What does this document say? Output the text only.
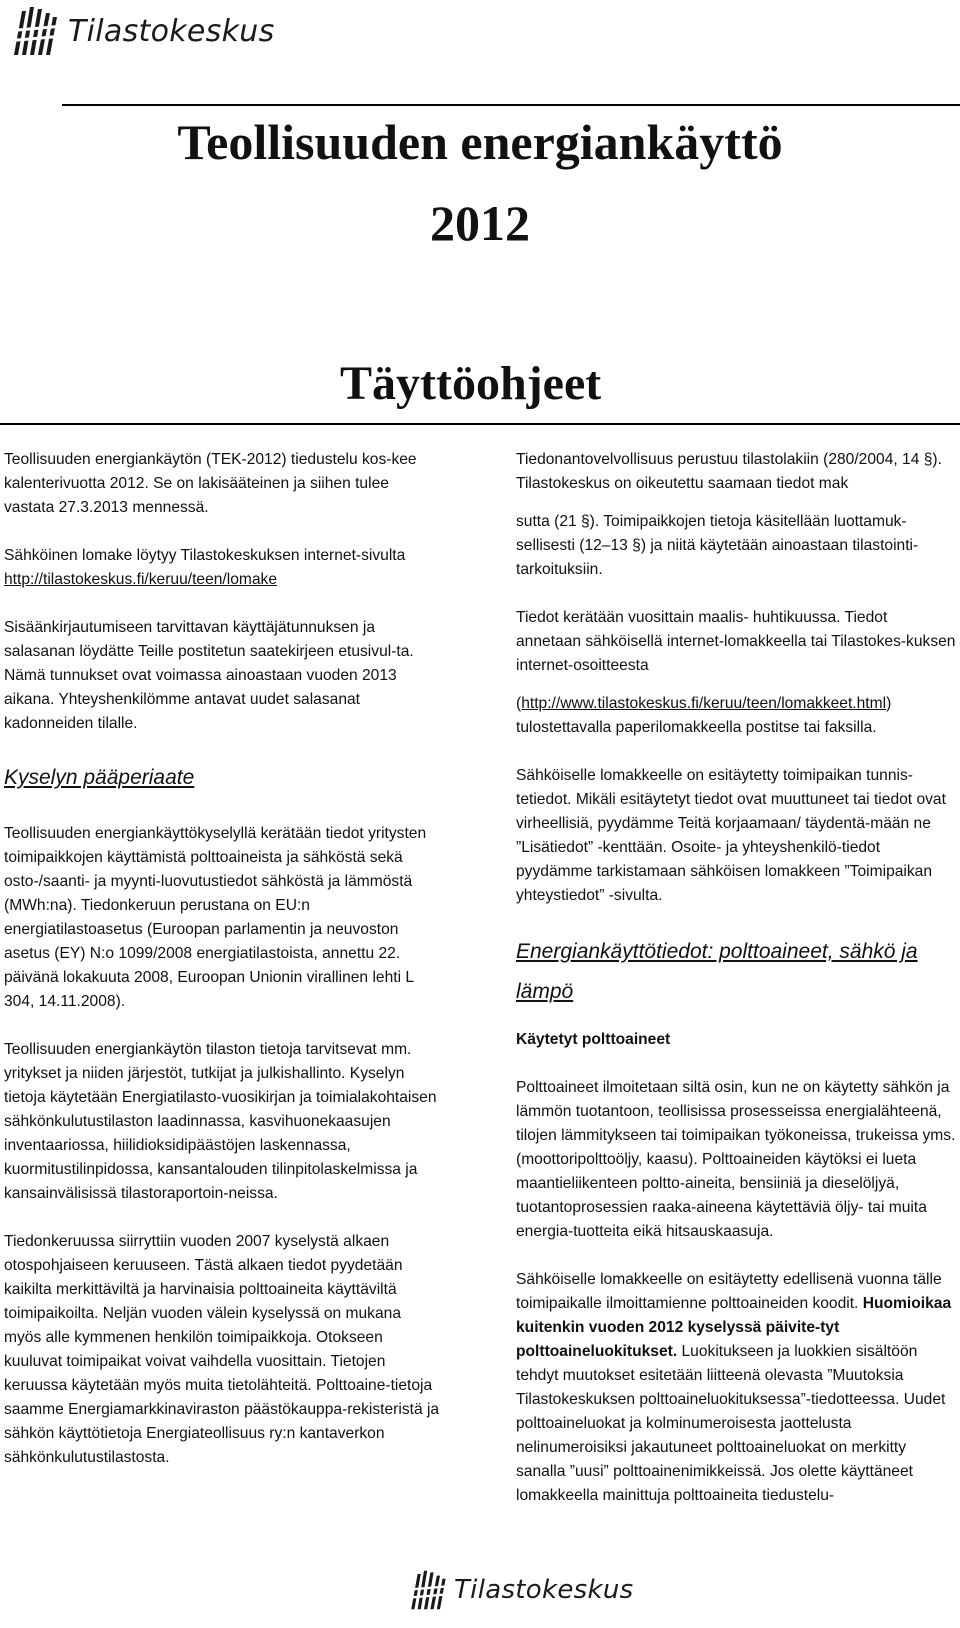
Tilastokeskus
Teollisuuden energiankäyttö
2012
Täyttöohjeet

Teollisuuden energiankäytön (TEK-2012) tiedustelu kos-kee kalenterivuotta 2012. Se on lakisääteinen ja siihen tulee vastata 27.3.2013 mennessä.

Sähköinen lomake löytyy Tilastokeskuksen internet-sivulta
http://tilastokeskus.fi/keruu/teen/lomake

Sisäänkirjautumiseen tarvittavan käyttäjätunnuksen ja salasanan löydätte Teille postitetun saatekirjeen etusivul-ta. Nämä tunnukset ovat voimassa ainoastaan vuoden 2013 aikana. Yhteyshenkilömme antavat uudet salasanat kadonneiden tilalle.

Kyselyn pääperiaate

Teollisuuden energiankäyttökyselyllä kerätään tiedot yritysten toimipaikkojen käyttämistä polttoaineista ja sähköstä sekä osto-/saanti- ja myynti-luovutustiedot sähköstä ja lämmöstä (MWh:na). Tiedonkeruun perustana on EU:n energiatilastoasetus (Euroopan parlamentin ja neuvoston asetus (EY) N:o 1099/2008 energiatilastoista, annettu 22. päivänä lokakuuta 2008, Euroopan Unionin virallinen lehti L 304, 14.11.2008).

Teollisuuden energiankäytön tilaston tietoja tarvitsevat mm. yritykset ja niiden järjestöt, tutkijat ja julkishallinto. Kyselyn tietoja käytetään Energiatilasto-vuosikirjan ja toimialakohtaisen sähkönkulutustilaston laadinnassa, kasvihuonekaasujen inventaariossa, hiilidioksidipäästöjen laskennassa, kuormitustilinpidossa, kansantalouden tilinpitolaskelmissa ja kansainvälisissä tilastoraportoin-neissa.

Tiedonkeruussa siirryttiin vuoden 2007 kyselystä alkaen otospohjaiseen keruuseen. Tästä alkaen tiedot pyydetään kaikilta merkittäviltä ja harvinaisia polttoaineita käyttäviltä toimipaikoilta. Neljän vuoden välein kyselyssä on mukana myös alle kymmenen henkilön toimipaikkoja. Otokseen kuuluvat toimipaikat voivat vaihdella vuosittain. Tietojen keruussa käytetään myös muita tietolähteitä. Polttoaine-tietoja saamme Energiamarkkinaviraston päästökauppa-rekisteristä ja sähkön käyttötietoja Energiateollisuus ry:n kantaverkon sähkönkulutustilastosta.

Tiedonantovelvollisuus perustuu tilastolakiin (280/2004, 14 §). Tilastokeskus on oikeutettu saamaan tiedot mak

sutta (21 §). Toimipaikkojen tietoja käsitellään luottamuk-sellisesti (12–13 §) ja niitä käytetään ainoastaan tilastointi-tarkoituksiin.

Tiedot kerätään vuosittain maalis- huhtikuussa. Tiedot annetaan sähköisellä internet-lomakkeella tai Tilastokes-kuksen internet-osoitteesta

(http://www.tilastokeskus.fi/keruu/teen/lomakkeet.html)
tulostettavalla paperilomakkeella postitse tai faksilla.

Sähköiselle lomakkeelle on esitäytetty toimipaikan tunnis-tetiedot. Mikäli esitäytetyt tiedot ovat muuttuneet tai tiedot ovat virheellisiä, pyydämme Teitä korjaamaan/ täydentä-mään ne ”Lisätiedot” -kenttään. Osoite- ja yhteyshenkilö-tiedot pyydämme tarkistamaan sähköisen lomakkeen ”Toimipaikan yhteystiedot” -sivulta.

Energiankäyttötiedot: polttoaineet, sähkö ja lämpö
Käytetyt polttoaineet

Polttoaineet ilmoitetaan siltä osin, kun ne on käytetty sähkön ja lämmön tuotantoon, teollisissa prosesseissa energialähteenä, tilojen lämmitykseen tai toimipaikan työkoneissa, trukeissa yms. (moottoripolttoöljy, kaasu). Polttoaineiden käytöksi ei lueta maantieliikenteen poltto-aineita, bensiiniä ja dieselöljyä, tuotantoprosessien raaka-aineena käytettäviä öljy- tai muita energia-tuotteita eikä hitsauskaasuja.

Sähköiselle lomakkeelle on esitäytetty edellisenä vuonna tälle toimipaikalle ilmoittamienne polttoaineiden koodit. Huomioikaa kuitenkin vuoden 2012 kyselyssä päivite-tyt polttoaineluokitukset. Luokitukseen ja luokkien sisältöön tehdyt muutokset esitetään liitteenä olevasta ”Muutoksia Tilastokeskuksen polttoaineluokituksessa”-tiedotteessa. Uudet polttoaineluokat ja kolminumeroisesta jaottelusta nelinumeroisiksi jakautuneet polttoaineluokat on merkitty sanalla ”uusi” polttoainenimikkeissä. Jos olette käyttäneet lomakkeella mainittuja polttoaineita tiedustelu-

Tilastokeskus
